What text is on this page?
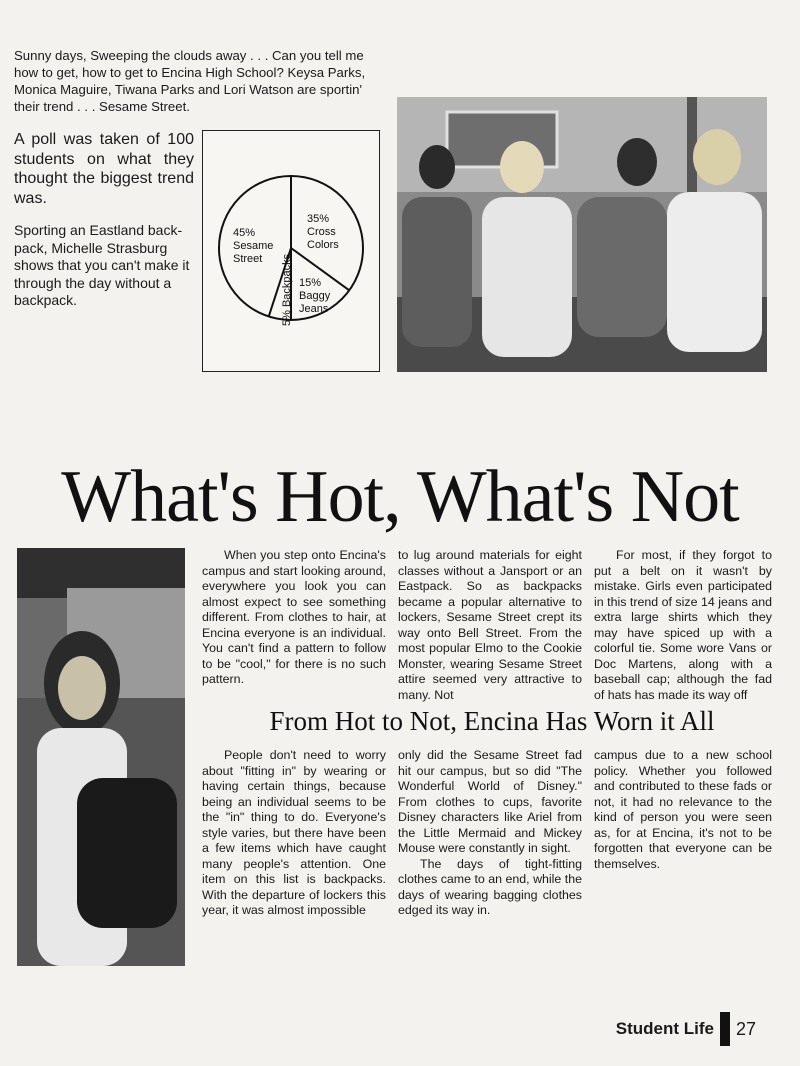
Sunny days, Sweeping the clouds away . . . Can you tell me how to get, how to get to Encina High School? Keysa Parks, Monica Maguire, Tiwana Parks and Lori Watson are sportin' their trend . . . Sesame Street.
A poll was taken of 100 students on what they thought the biggest trend was.
Sporting an Eastland back-pack, Michelle Strasburg shows that you can't make it through the day without a backpack.
45% Sesame Street
35% Cross Colors
15% Baggy Jeans
5% Backpacks
What's Hot, What's Not

When you step onto Encina's campus and start looking around, everywhere you look you can almost expect to see something different. From clothes to hair, at Encina everyone is an individual. You can't find a pattern to follow to be "cool," for there is no such pattern.

to lug around materials for eight classes without a Jansport or an Eastpack. So as backpacks became a popular alternative to lockers, Sesame Street crept its way onto Bell Street. From the most popular Elmo to the Cookie Monster, wearing Sesame Street attire seemed very attractive to many. Not

For most, if they forgot to put a belt on it wasn't by mistake. Girls even participated in this trend of size 14 jeans and extra large shirts which they may have spiced up with a colorful tie. Some wore Vans or Doc Martens, along with a baseball cap; although the fad of hats has made its way off

From Hot to Not, Encina Has Worn it All

People don't need to worry about "fitting in" by wearing or having certain things, because being an individual seems to be the "in" thing to do. Everyone's style varies, but there have been a few items which have caught many people's attention. One item on this list is backpacks. With the departure of lockers this year, it was almost impossible

only did the Sesame Street fad hit our campus, but so did "The Wonderful World of Disney." From clothes to cups, favorite Disney characters like Ariel from the Little Mermaid and Mickey Mouse were constantly in sight.

The days of tight-fitting clothes came to an end, while the days of wearing bagging clothes edged its way in.

campus due to a new school policy. Whether you followed and contributed to these fads or not, it had no relevance to the kind of person you were seen as, for at Encina, it's not to be forgotten that everyone can be themselves.

Student Life 27
